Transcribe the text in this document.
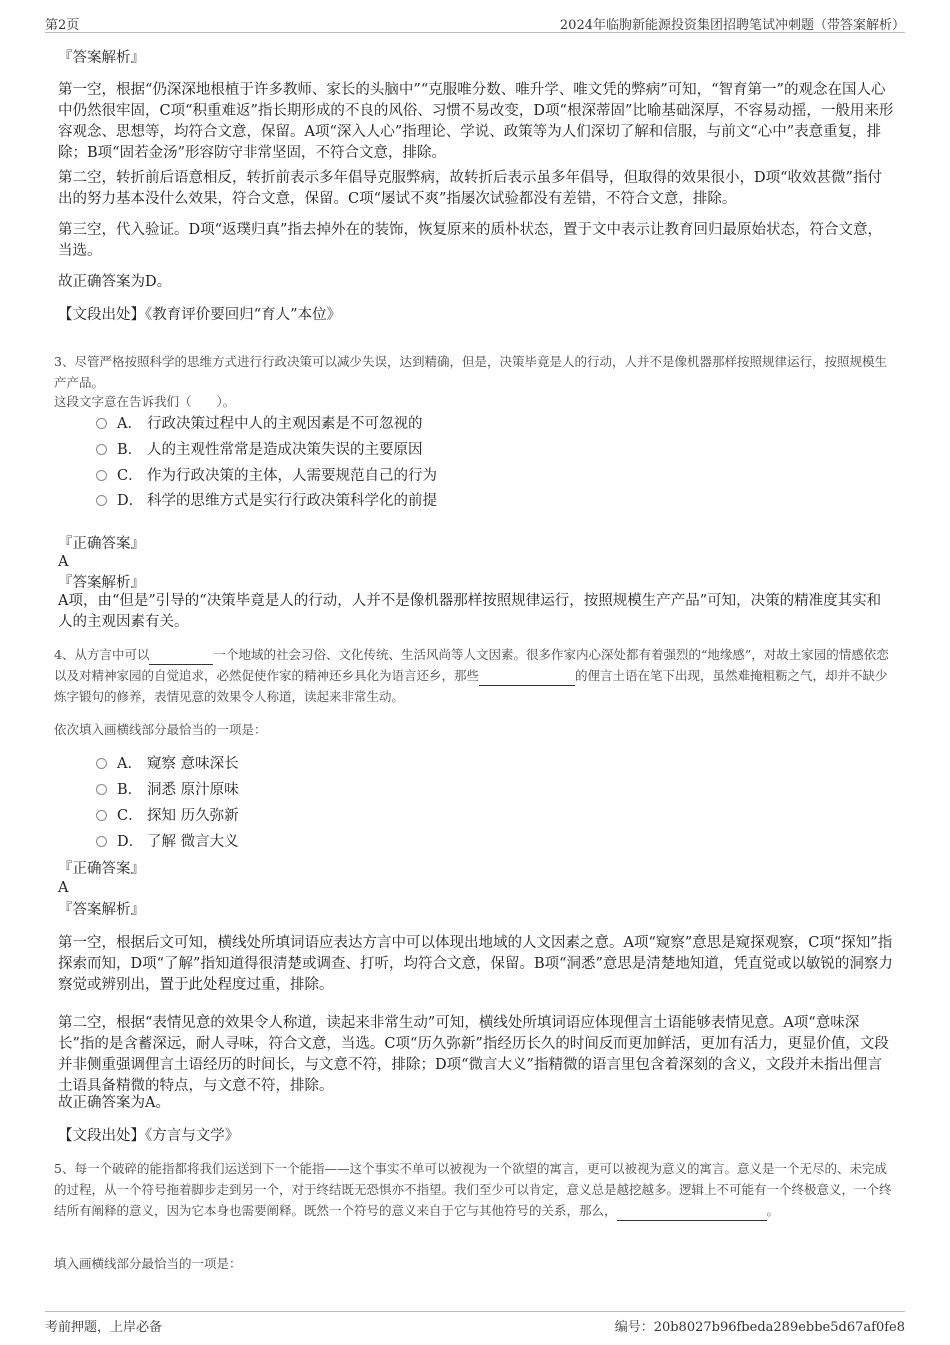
第2页	2024年临朐新能源投资集团招聘笔试冲刺题（带答案解析）

『答案解析』

第一空，根据“仍深深地根植于许多教师、家长的头脑中”“克服唯分数、唯升学、唯文凭的弊病”可知，“智育第一”的观念在国人心中仍然很牢固，C项“积重难返”指长期形成的不良的风俗、习惯不易改变，D项“根深蒂固”比喻基础深厚，不容易动摇，一般用来形容观念、思想等，均符合文意，保留。A项“深入人心”指理论、学说、政策等为人们深切了解和信服，与前文“心中”表意重复，排除；B项“固若金汤”形容防守非常坚固，不符合文意，排除。

第二空，转折前后语意相反，转折前表示多年倡导克服弊病，故转折后表示虽多年倡导，但取得的效果很小，D项“收效甚微”指付出的努力基本没什么效果，符合文意，保留。C项“屡试不爽”指屡次试验都没有差错，不符合文意，排除。

第三空，代入验证。D项“返璞归真”指去掉外在的装饰，恢复原来的质朴状态，置于文中表示让教育回归最原始状态，符合文意，当选。

故正确答案为D。

【文段出处】《教育评价要回归“育人”本位》

3、尽管严格按照科学的思维方式进行行政决策可以减少失误，达到精确，但是，决策毕竟是人的行动，人并不是像机器那样按照规律运行，按照规模生产产品。

这段文字意在告诉我们（　　）。

A． 行政决策过程中人的主观因素是不可忽视的
B． 人的主观性常常是造成决策失误的主要原因
C． 作为行政决策的主体，人需要规范自己的行为
D． 科学的思维方式是实行行政决策科学化的前提

『正确答案』

A

『答案解析』

A项，由“但是”引导的“决策毕竟是人的行动，人并不是像机器那样按照规律运行，按照规模生产产品”可知，决策的精准度其实和人的主观因素有关。

4、从方言中可以	一个地域的社会习俗、文化传统、生活风尚等人文因素。很多作家内心深处都有着强烈的“地缘感”，对故土家园的情感依恋以及对精神家园的自觉追求，必然促使作家的精神还乡具化为语言还乡，那些	的俚言土语在笔下出现，虽然难掩粗粝之气，却并不缺少炼字锻句的修养，表情见意的效果令人称道，读起来非常生动。

依次填入画横线部分最恰当的一项是：

A． 窥察 意味深长
B． 洞悉 原汁原味
C． 探知 历久弥新
D． 了解 微言大义

『正确答案』

A

『答案解析』

第一空，根据后文可知，横线处所填词语应表达方言中可以体现出地域的人文因素之意。A项“窥察”意思是窥探观察，C项“探知”指探索而知，D项“了解”指知道得很清楚或调查、打听，均符合文意，保留。B项“洞悉”意思是清楚地知道，凭直觉或以敏锐的洞察力察觉或辨别出，置于此处程度过重，排除。

第二空，根据“表情见意的效果令人称道，读起来非常生动”可知，横线处所填词语应体现俚言土语能够表情见意。A项“意味深长”指的是含蓄深远，耐人寻味，符合文意，当选。C项“历久弥新”指经历长久的时间反而更加鲜活，更加有活力，更显价值，文段并非侧重强调俚言土语经历的时间长，与文意不符，排除；D项“微言大义”指精微的语言里包含着深刻的含义，文段并未指出俚言土语具备精微的特点，与文意不符，排除。

故正确答案为A。

【文段出处】《方言与文学》

5、每一个破碎的能指都将我们运送到下一个能指——这个事实不单可以被视为一个欲望的寓言，更可以被视为意义的寓言。意义是一个无尽的、未完成的过程，从一个符号拖着脚步走到另一个，对于终结既无恐惧亦不指望。我们至少可以肯定，意义总是越挖越多。逻辑上不可能有一个终极意义，一个终结所有阐释的意义，因为它本身也需要阐释。既然一个符号的意义来自于它与其他符号的关系，那么，	。

填入画横线部分最恰当的一项是：

考前押题，上岸必备	编号：20b8027b96fbeda289ebbe5d67af0fe8
